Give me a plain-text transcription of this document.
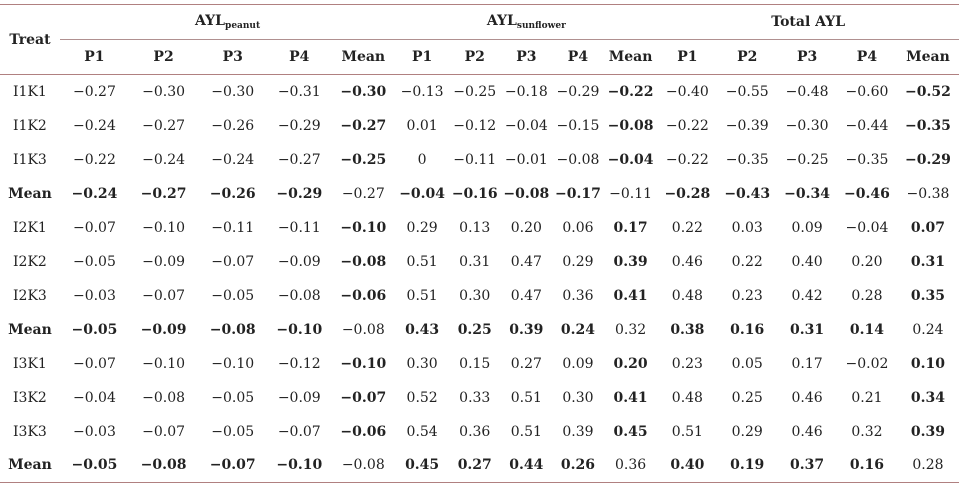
Treat	$AYL_{peanut}$					$AYL_{sunflower}$					Total AYL				
	P1	P2	P3	P4	Mean	P1	P2	P3	P4	Mean	P1	P2	P3	P4	Mean
I1K1	−0.27	−0.30	−0.30	−0.31	−0.30	−0.13	−0.25	−0.18	−0.29	−0.22	−0.40	−0.55	−0.48	−0.60	−0.52
I1K2	−0.24	−0.27	−0.26	−0.29	−0.27	0.01	−0.12	−0.04	−0.15	−0.08	−0.22	−0.39	−0.30	−0.44	−0.35
I1K3	−0.22	−0.24	−0.24	−0.27	−0.25	0	−0.11	−0.01	−0.08	−0.04	−0.22	−0.35	−0.25	−0.35	−0.29
Mean	−0.24	−0.27	−0.26	−0.29	−0.27	−0.04	−0.16	−0.08	−0.17	−0.11	−0.28	−0.43	−0.34	−0.46	−0.38
I2K1	−0.07	−0.10	−0.11	−0.11	−0.10	0.29	0.13	0.20	0.06	0.17	0.22	0.03	0.09	−0.04	0.07
I2K2	−0.05	−0.09	−0.07	−0.09	−0.08	0.51	0.31	0.47	0.29	0.39	0.46	0.22	0.40	0.20	0.31
I2K3	−0.03	−0.07	−0.05	−0.08	−0.06	0.51	0.30	0.47	0.36	0.41	0.48	0.23	0.42	0.28	0.35
Mean	−0.05	−0.09	−0.08	−0.10	−0.08	0.43	0.25	0.39	0.24	0.32	0.38	0.16	0.31	0.14	0.24
I3K1	−0.07	−0.10	−0.10	−0.12	−0.10	0.30	0.15	0.27	0.09	0.20	0.23	0.05	0.17	−0.02	0.10
I3K2	−0.04	−0.08	−0.05	−0.09	−0.07	0.52	0.33	0.51	0.30	0.41	0.48	0.25	0.46	0.21	0.34
I3K3	−0.03	−0.07	−0.05	−0.07	−0.06	0.54	0.36	0.51	0.39	0.45	0.51	0.29	0.46	0.32	0.39
Mean	−0.05	−0.08	−0.07	−0.10	−0.08	0.45	0.27	0.44	0.26	0.36	0.40	0.19	0.37	0.16	0.28
